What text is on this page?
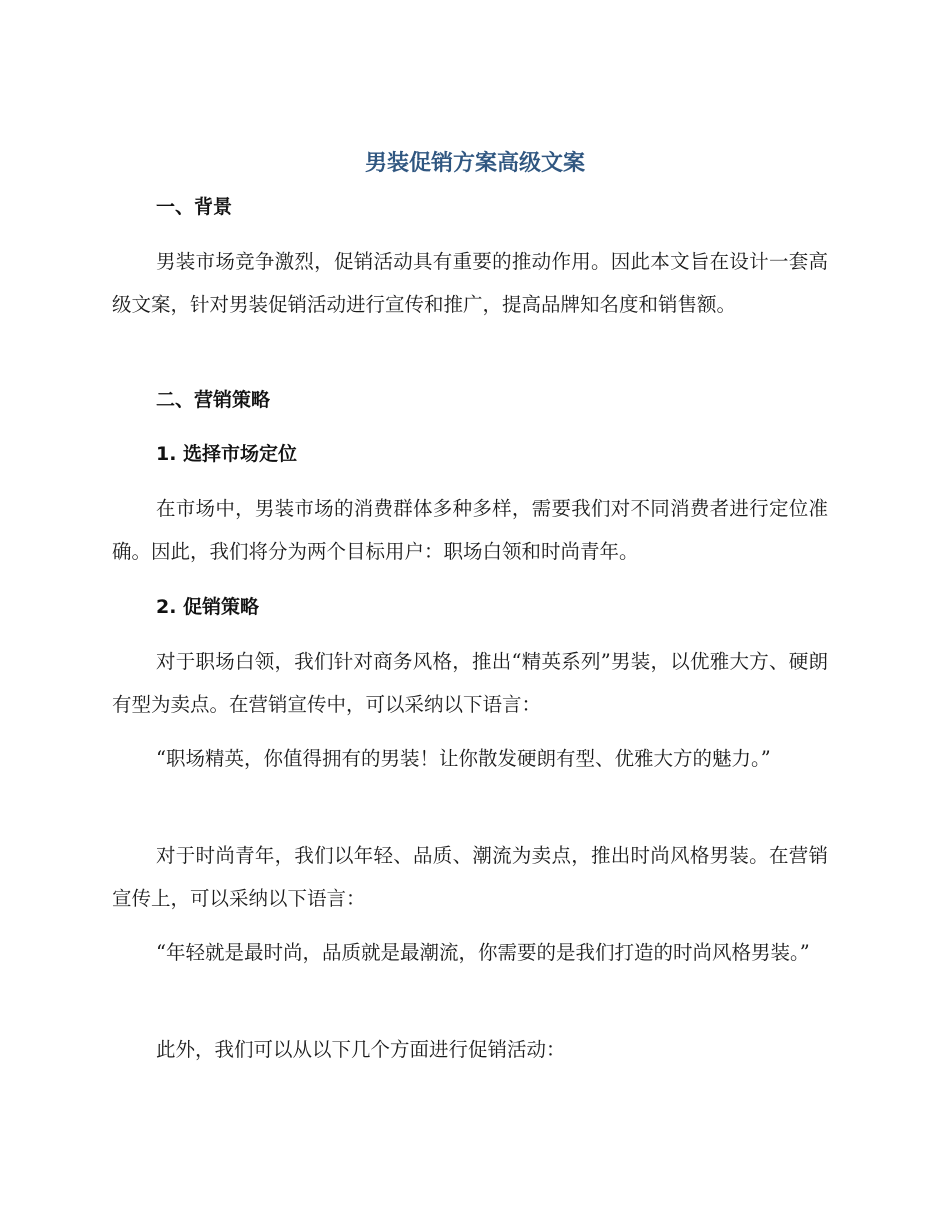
男装促销方案高级文案
一、背景

男装市场竞争激烈，促销活动具有重要的推动作用。因此本文旨在设计一套高级文案，针对男装促销活动进行宣传和推广，提高品牌知名度和销售额。

二、营销策略
1. 选择市场定位

在市场中，男装市场的消费群体多种多样，需要我们对不同消费者进行定位准确。因此，我们将分为两个目标用户：职场白领和时尚青年。

2. 促销策略

对于职场白领，我们针对商务风格，推出“精英系列”男装，以优雅大方、硬朗有型为卖点。在营销宣传中，可以采纳以下语言：

“职场精英，你值得拥有的男装！让你散发硬朗有型、优雅大方的魅力。”

对于时尚青年，我们以年轻、品质、潮流为卖点，推出时尚风格男装。在营销宣传上，可以采纳以下语言：

“年轻就是最时尚，品质就是最潮流，你需要的是我们打造的时尚风格男装。”

此外，我们可以从以下几个方面进行促销活动：
